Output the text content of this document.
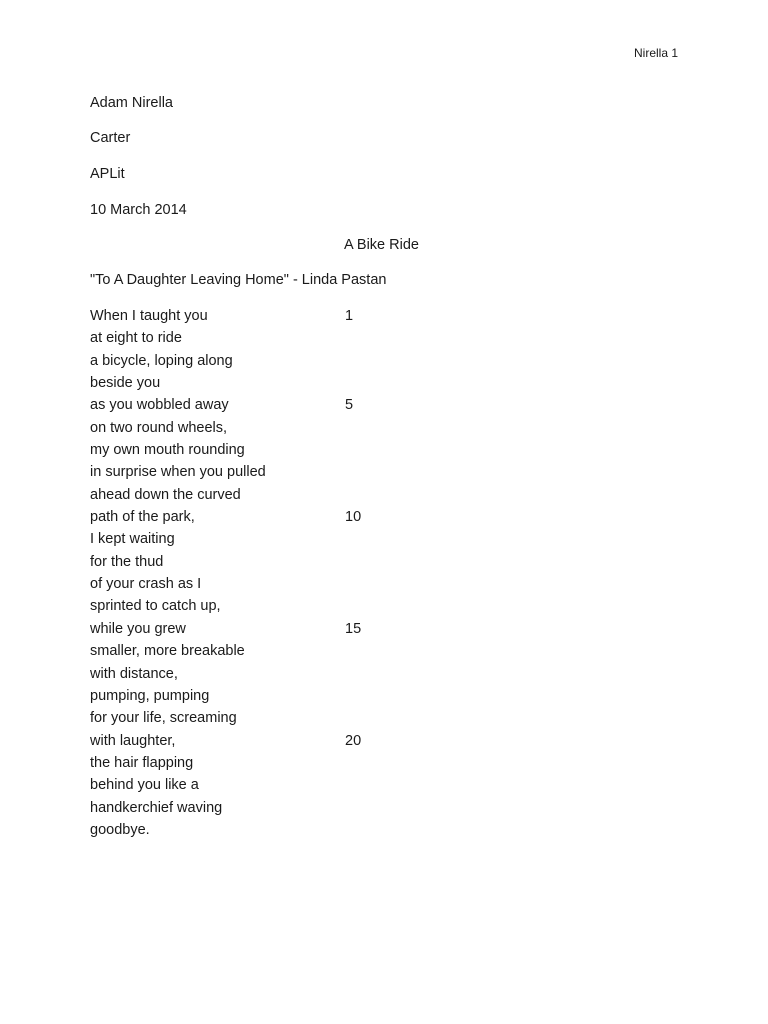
Nirella 1
Adam Nirella
Carter
APLit
10 March 2014
A Bike Ride
"To A Daughter Leaving Home" - Linda Pastan
When I taught you	1
at eight to ride
a bicycle, loping along
beside you
as you wobbled away	5
on two round wheels,
my own mouth rounding
in surprise when you pulled
ahead down the curved
path of the park,	10
I kept waiting
for the thud
of your crash as I
sprinted to catch up,
while you grew	15
smaller, more breakable
with distance,
pumping, pumping
for your life, screaming
with laughter,	20
the hair flapping
behind you like a
handkerchief waving
goodbye.
